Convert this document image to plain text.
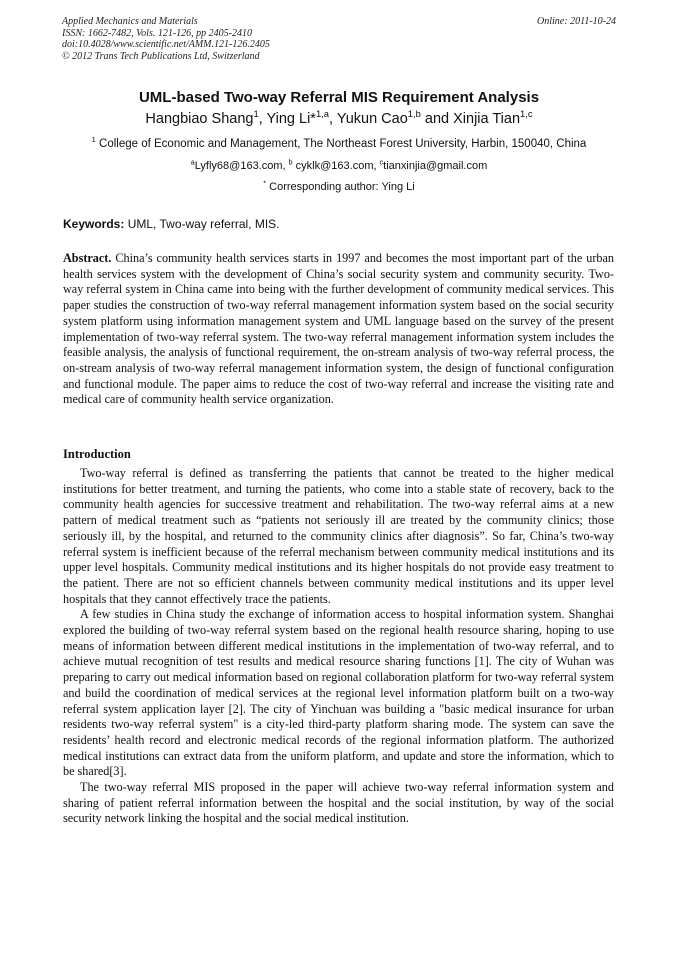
Applied Mechanics and Materials
ISSN: 1662-7482, Vols. 121-126, pp 2405-2410
doi:10.4028/www.scientific.net/AMM.121-126.2405
© 2012 Trans Tech Publications Ltd, Switzerland
Online: 2011-10-24
UML-based Two-way Referral MIS Requirement Analysis
Hangbiao Shang$^1$, Ying Li*$^{1,a}$, Yukun Cao$^{1,b}$ and Xinjia Tian$^{1,c}$
$^1$ College of Economic and Management, The Northeast Forest University, Harbin, 150040, China
$^a$Lyfly68@163.com, $^b$ cyklk@163.com, $^c$tianxinjia@gmail.com
* Corresponding author: Ying Li
Keywords: UML, Two-way referral, MIS.

Abstract. China’s community health services starts in 1997 and becomes the most important part of the urban health services system with the development of China’s social security system and community security. Two-way referral system in China came into being with the further development of community medical services. This paper studies the construction of two-way referral management information system based on the social security system platform using information management system and UML language based on the survey of the present implementation of two-way referral system. The two-way referral management information system includes the feasible analysis, the analysis of functional requirement, the on-stream analysis of two-way referral process, the on-stream analysis of two-way referral management information system, the design of functional configuration and functional module. The paper aims to reduce the cost of two-way referral and increase the visiting rate and medical care of community health service organization.

Introduction

Two-way referral is defined as transferring the patients that cannot be treated to the higher medical institutions for better treatment, and turning the patients, who come into a stable state of recovery, back to the community health agencies for successive treatment and rehabilitation. The two-way referral aims at a new pattern of medical treatment such as “patients not seriously ill are treated by the community clinics; those seriously ill, by the hospital, and returned to the community clinics after diagnosis”. So far, China’s two-way referral system is inefficient because of the referral mechanism between community medical institutions and its upper level hospitals. Community medical institutions and its higher hospitals do not provide easy treatment to the patient. There are not so efficient channels between community medical institutions and its upper level hospitals that they cannot effectively trace the patients.

A few studies in China study the exchange of information access to hospital information system. Shanghai explored the building of two-way referral system based on the regional health resource sharing, hoping to use means of information between different medical institutions in the implementation of two-way referral, and to achieve mutual recognition of test results and medical resource sharing functions [1]. The city of Wuhan was preparing to carry out medical information based on regional collaboration platform for two-way referral system and build the coordination of medical services at the regional level information platform built on a two-way referral system application layer [2]. The city of Yinchuan was building a "basic medical insurance for urban residents two-way referral system" is a city-led third-party platform sharing mode. The system can save the residents’ health record and electronic medical records of the regional information platform. The authorized medical institutions can extract data from the uniform platform, and update and store the information, which to be shared[3].

The two-way referral MIS proposed in the paper will achieve two-way referral information system and sharing of patient referral information between the hospital and the social institution, by way of the social security network linking the hospital and the social medical institution.
